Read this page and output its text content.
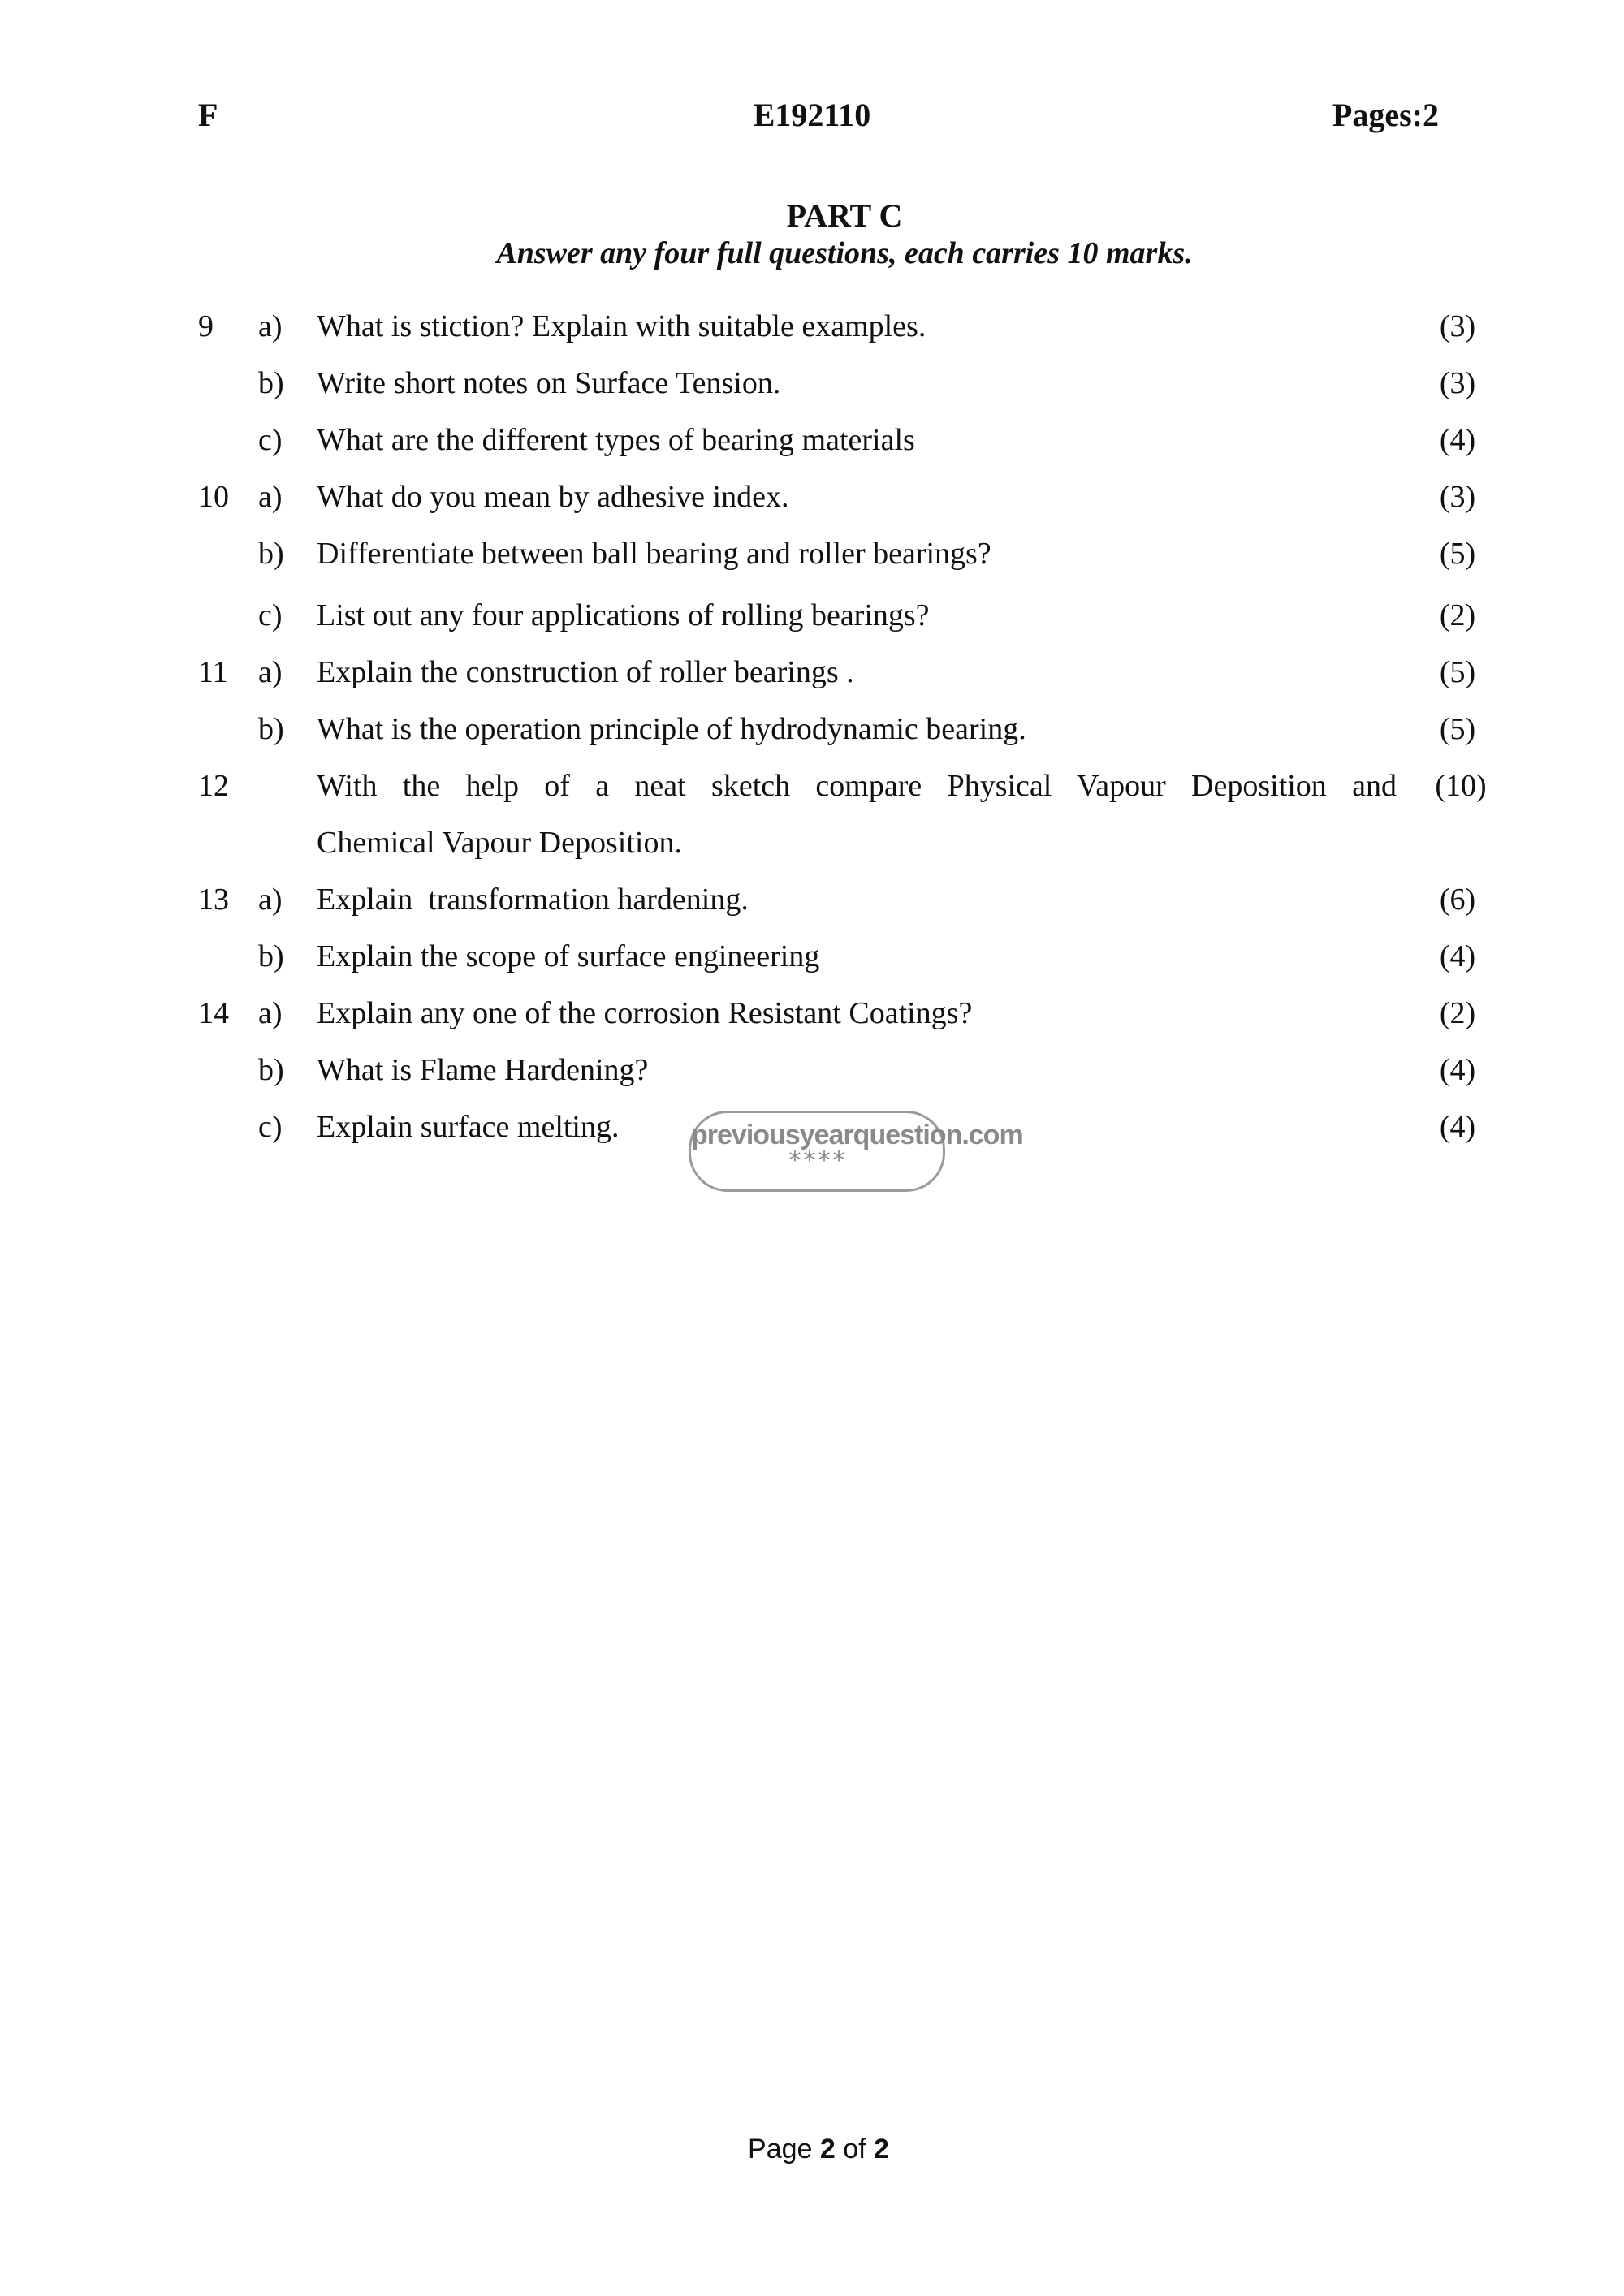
F	E192110	Pages:2
PART C
Answer any four full questions, each carries 10 marks.
9 a) What is stiction? Explain with suitable examples.	(3)
b) Write short notes on Surface Tension.	(3)
c) What are the different types of bearing materials	(4)
10 a) What do you mean by adhesive index.	(3)
b) Differentiate between ball bearing and roller bearings?	(5)
c) List out any four applications of rolling bearings?	(2)
11 a) Explain the construction of roller bearings .	(5)
b) What is the operation principle of hydrodynamic bearing.	(5)
12	With the help of a neat sketch compare Physical Vapour Deposition and	(10)
Chemical Vapour Deposition.
13 a) Explain  transformation hardening.	(6)
b) Explain the scope of surface engineering	(4)
14 a) Explain any one of the corrosion Resistant Coatings?	(2)
b) What is Flame Hardening?	(4)
c) Explain surface melting.	(4)
previousyearquestion.com
****
Page 2 of 2
